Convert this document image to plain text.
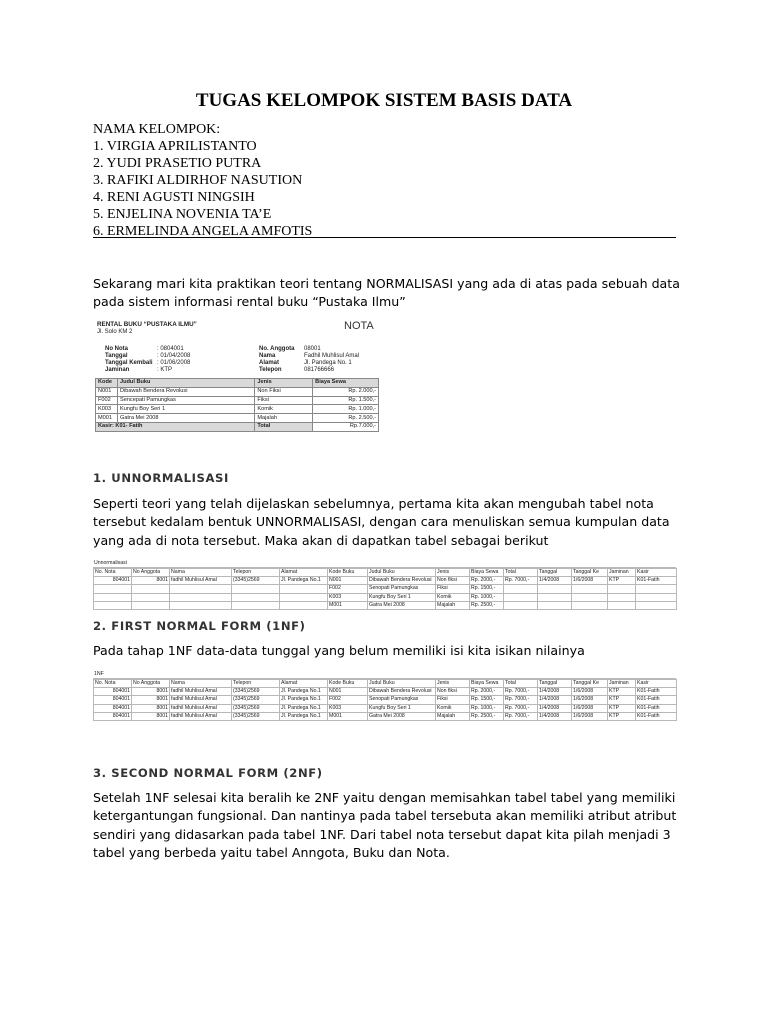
TUGAS KELOMPOK SISTEM BASIS DATA
NAMA KELOMPOK:
1. VIRGIA APRILISTANTO
2. YUDI PRASETIO PUTRA
3. RAFIKI ALDIRHOF NASUTION
4. RENI AGUSTI NINGSIH
5. ENJELINA NOVENIA TA’E
6. ERMELINDA ANGELA AMFOTIS
Sekarang mari kita praktikan teori tentang NORMALISASI yang ada di atas pada sebuah data pada sistem informasi rental buku “Pustaka Ilmu”
RENTAL BUKU “PUSTAKA ILMU”
Jl. Solo KM 2	NOTA
No Nota	: 0804001
Tanggal	: 01/04/2008
Tanggal Kembali : 01/06/2008
Jaminan	: KTP
No. Anggota 08001
Nama	Fadhil Muhlisul Amal
Alamat	Jl. Pandega No. 1
Telepon	081766666
Kode	Judul Buku	Jenis	Biaya Sewa
N001	Dibawah Bendera Revolusi	Non Fiksi	Rp. 2.000,-
F002	Sencepati Pamungkas	Fiksi	Rp. 1.500,-
K003	Kungfu Boy Seri 1	Komik	Rp. 1.000,-
M001	Gatra Mei 2008	Majalah	Rp. 2.500,-
Kasir: K01- Fatih		Total	Rp.7.000,-
1. UNNORMALISASI
Seperti teori yang telah dijelaskan sebelumnya, pertama kita akan mengubah tabel nota tersebut kedalam bentuk UNNORMALISASI, dengan cara menuliskan semua kumpulan data yang ada di nota tersebut. Maka akan di dapatkan tabel sebagai berikut
Unnormalisasi
No. Nota	No Anggota	Nama	Telepon	Alamat	Kode Buku	Judul Buku	Jenis	Biaya Sewa	Total	Tanggal	Tanggal Ke	Jaminan	Kasir
804001	8001	fadhil Muhlisul Amal	(3345)2569	Jl. Pandega No.1	N001	Dibawah Bendera Revolusi	Non fiksi	Rp. 2000,-	Rp. 7000,-	1/4/2008	1/6/2008	KTP	K01-Fatih
					F002	Senopati Pamungkas	Fiksi	Rp. 1500,-					
					K003	Kungfu Boy Seri 1	Komik	Rp. 1000,-					
					M001	Gatra Mei 2008	Majalah	Rp. 2500,-					
2. FIRST NORMAL FORM (1NF)
Pada tahap 1NF data-data tunggal yang belum memiliki isi kita isikan nilainya
1NF
No. Nota	No Anggota	Nama	Telepon	Alamat	Kode Buku	Judul Buku	Jenis	Biaya Sewa	Total	Tanggal	Tanggal Ke	Jaminan	Kasir
804001	8001	fadhil Muhlisul Amal	(3345)2569	Jl. Pandega No.1	N001	Dibawah Bendera Revolusi	Non fiksi	Rp. 2000,-	Rp. 7000,-	1/4/2008	1/6/2008	KTP	K01-Fatih
804001	8001	fadhil Muhlisul Amal	(3345)2569	Jl. Pandega No.1	F002	Senopati Pamungkas	Fiksi	Rp. 1500,-	Rp. 7000,-	1/4/2008	1/6/2008	KTP	K01-Fatih
804001	8001	fadhil Muhlisul Amal	(3345)2569	Jl. Pandega No.1	K003	Kungfu Boy Seri 1	Komik	Rp. 1000,-	Rp. 7000,-	1/4/2008	1/6/2008	KTP	K01-Fatih
804001	8001	fadhil Muhlisul Amal	(3345)2569	Jl. Pandega No.1	M001	Gatra Mei 2008	Majalah	Rp. 2500,-	Rp. 7000,-	1/4/2008	1/6/2008	KTP	K01-Fatih
3. SECOND NORMAL FORM (2NF)
Setelah 1NF selesai kita beralih ke 2NF yaitu dengan memisahkan tabel tabel yang memiliki ketergantungan fungsional. Dan nantinya pada tabel tersebuta akan memiliki atribut atribut sendiri yang didasarkan pada tabel 1NF. Dari tabel nota tersebut dapat kita pilah menjadi 3 tabel yang berbeda yaitu tabel Anngota, Buku dan Nota.
